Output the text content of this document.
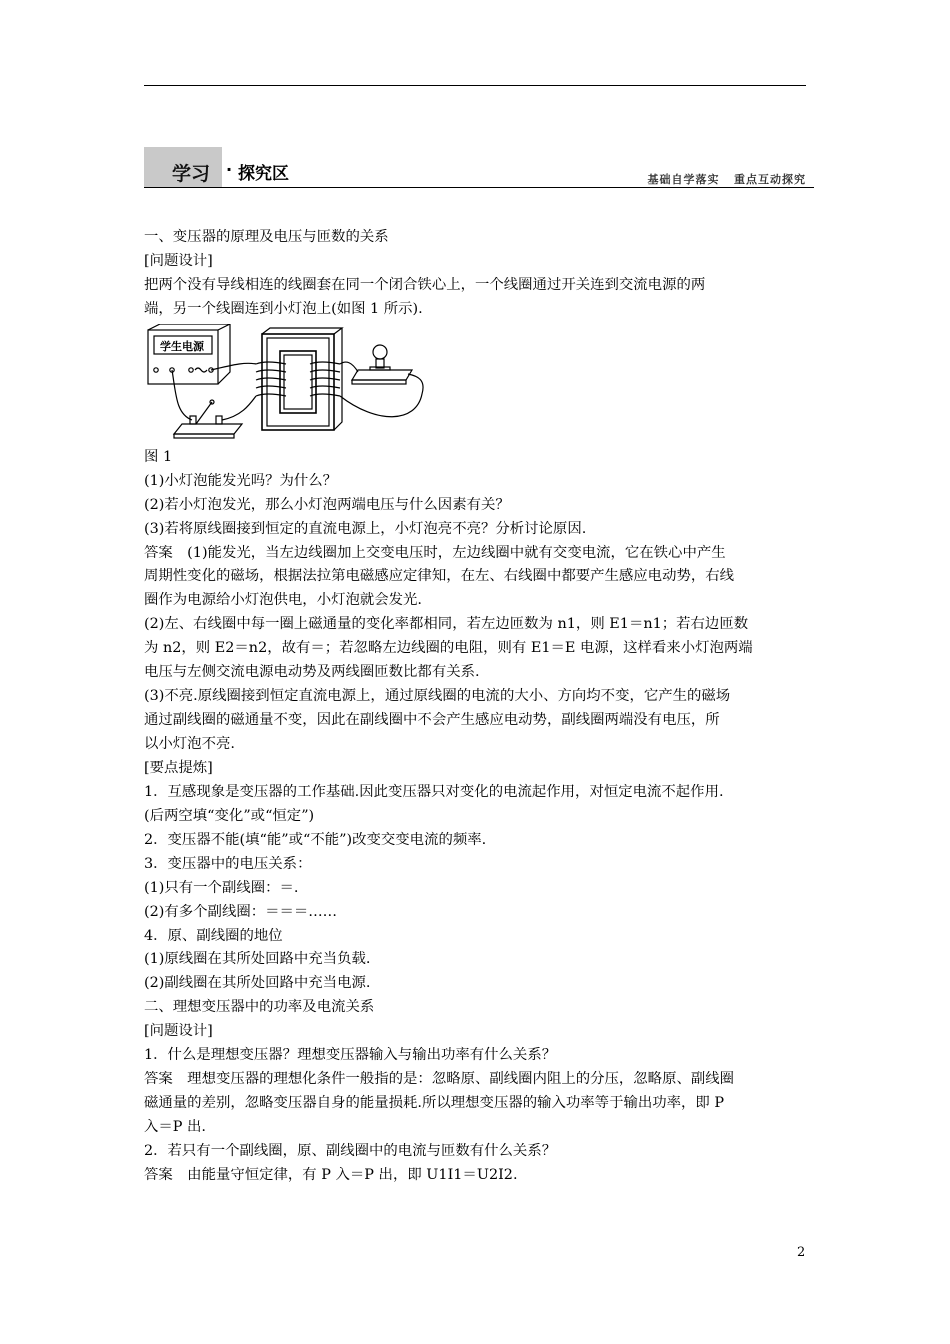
学习 · 探究区	基础自学落实   重点互动探究
一、变压器的原理及电压与匝数的关系
[问题设计]
把两个没有导线相连的线圈套在同一个闭合铁心上，一个线圈通过开关连到交流电源的两
端，另一个线圈连到小灯泡上(如图 1 所示).
学生电源
图 1
(1)小灯泡能发光吗？为什么？
(2)若小灯泡发光，那么小灯泡两端电压与什么因素有关？
(3)若将原线圈接到恒定的直流电源上，小灯泡亮不亮？分析讨论原因.
答案　(1)能发光，当左边线圈加上交变电压时，左边线圈中就有交变电流，它在铁心中产生
周期性变化的磁场，根据法拉第电磁感应定律知，在左、右线圈中都要产生感应电动势，右线
圈作为电源给小灯泡供电，小灯泡就会发光.
(2)左、右线圈中每一圈上磁通量的变化率都相同，若左边匝数为 n1，则 E1＝n1；若右边匝数
为 n2，则 E2＝n2，故有＝；若忽略左边线圈的电阻，则有 E1＝E 电源，这样看来小灯泡两端
电压与左侧交流电源电动势及两线圈匝数比都有关系.
(3)不亮.原线圈接到恒定直流电源上，通过原线圈的电流的大小、方向均不变，它产生的磁场
通过副线圈的磁通量不变，因此在副线圈中不会产生感应电动势，副线圈两端没有电压，所
以小灯泡不亮.
[要点提炼]
1．互感现象是变压器的工作基础.因此变压器只对变化的电流起作用，对恒定电流不起作用.
(后两空填“变化”或“恒定”)
2．变压器不能(填“能”或“不能”)改变交变电流的频率.
3．变压器中的电压关系：
(1)只有一个副线圈：＝.
(2)有多个副线圈：＝＝＝……
4．原、副线圈的地位
(1)原线圈在其所处回路中充当负载.
(2)副线圈在其所处回路中充当电源.
二、理想变压器中的功率及电流关系
[问题设计]
1．什么是理想变压器？理想变压器输入与输出功率有什么关系？
答案　理想变压器的理想化条件一般指的是：忽略原、副线圈内阻上的分压，忽略原、副线圈
磁通量的差别，忽略变压器自身的能量损耗.所以理想变压器的输入功率等于输出功率，即 P
入＝P 出.
2．若只有一个副线圈，原、副线圈中的电流与匝数有什么关系？
答案　由能量守恒定律，有 P 入＝P 出，即 U1I1＝U2I2.
2
